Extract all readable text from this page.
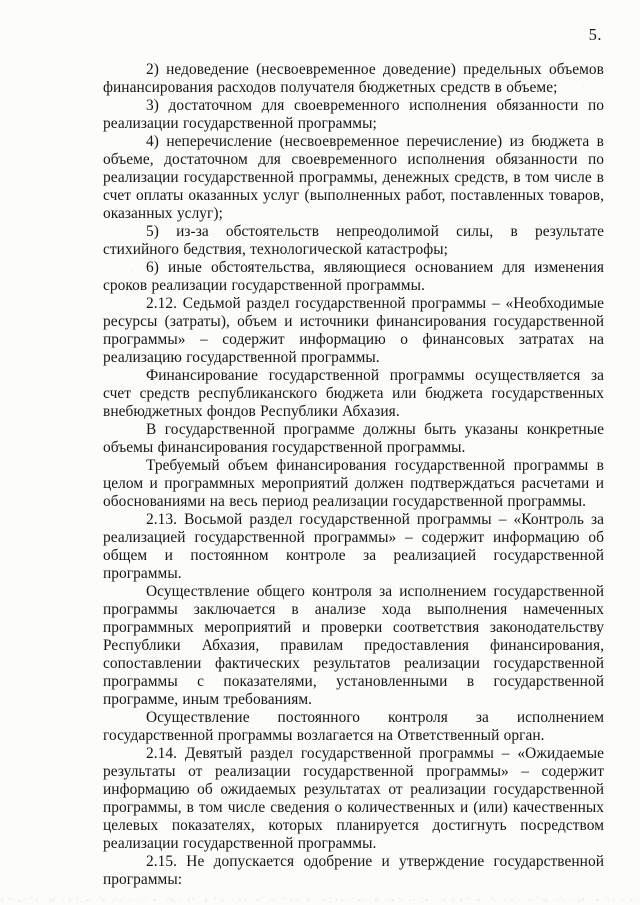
5.

2) недоведение (несвоевременное доведение) предельных объемов финансирования расходов получателя бюджетных средств в объеме;

3) достаточном для своевременного исполнения обязанности по реализации государственной программы;

4) неперечисление (несвоевременное перечисление) из бюджета в объеме, достаточном для своевременного исполнения обязанности по реализации государственной программы, денежных средств, в том числе в счет оплаты оказанных услуг (выполненных работ, поставленных товаров, оказанных услуг);

5) из-за обстоятельств непреодолимой силы, в результате стихийного бедствия, технологической катастрофы;

6) иные обстоятельства, являющиеся основанием для изменения сроков реализации государственной программы.

2.12. Седьмой раздел государственной программы – «Необходимые ресурсы (затраты), объем и источники финансирования государственной программы» – содержит информацию о финансовых затратах на реализацию государственной программы.

Финансирование государственной программы осуществляется за счет средств республиканского бюджета или бюджета государственных внебюджетных фондов Республики Абхазия.

В государственной программе должны быть указаны конкретные объемы финансирования государственной программы.

Требуемый объем финансирования государственной программы в целом и программных мероприятий должен подтверждаться расчетами и обоснованиями на весь период реализации государственной программы.

2.13. Восьмой раздел государственной программы – «Контроль за реализацией государственной программы» – содержит информацию об общем и постоянном контроле за реализацией государственной программы.

Осуществление общего контроля за исполнением государственной программы заключается в анализе хода выполнения намеченных программных мероприятий и проверки соответствия законодательству Республики Абхазия, правилам предоставления финансирования, сопоставлении фактических результатов реализации государственной программы с показателями, установленными в государственной программе, иным требованиям.

Осуществление постоянного контроля за исполнением государственной программы возлагается на Ответственный орган.

2.14. Девятый раздел государственной программы – «Ожидаемые результаты от реализации государственной программы» – содержит информацию об ожидаемых результатах от реализации государственной программы, в том числе сведения о количественных и (или) качественных целевых показателях, которых планируется достигнуть посредством реализации государственной программы.

2.15. Не допускается одобрение и утверждение государственной программы:
